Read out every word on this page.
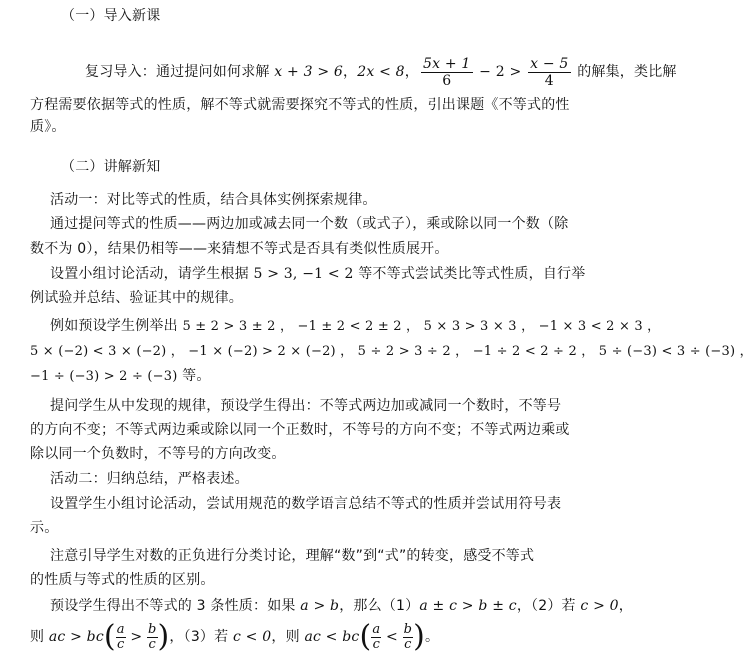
（一）导入新课
复习导入：通过提问如何求解 x + 3 > 6，2x < 8， $\frac{5x + 1}{6} - 2 > \frac{x - 5}{4}$ 的解集，类比解
方程需要依据等式的性质，解不等式就需要探究不等式的性质，引出课题《不等式的性
质》。
（二）讲解新知
活动一：对比等式的性质，结合具体实例探索规律。
通过提问等式的性质——两边加或减去同一个数（或式子），乘或除以同一个数（除
数不为 0），结果仍相等——来猜想不等式是否具有类似性质展开。
设置小组讨论活动，请学生根据 5 > 3, −1 < 2 等不等式尝试类比等式性质，自行举
例试验并总结、验证其中的规律。
例如预设学生例举出 5 ± 2 > 3 ± 2 ， −1 ± 2 < 2 ± 2 ， 5 × 3 > 3 × 3 ， −1 × 3 < 2 × 3 ，
5 × (−2) < 3 × (−2) ， −1 × (−2) > 2 × (−2) ， 5 ÷ 2 > 3 ÷ 2 ， −1 ÷ 2 < 2 ÷ 2 ， 5 ÷ (−3) < 3 ÷ (−3) ，
−1 ÷ (−3) > 2 ÷ (−3) 等。
提问学生从中发现的规律，预设学生得出：不等式两边加或减同一个数时，不等号
的方向不变；不等式两边乘或除以同一个正数时，不等号的方向不变；不等式两边乘或
除以同一个负数时，不等号的方向改变。
活动二：归纳总结，严格表述。
设置学生小组讨论活动，尝试用规范的数学语言总结不等式的性质并尝试用符号表
示。
注意引导学生对数的正负进行分类讨论，理解“数”到“式”的转变，感受不等式
的性质与等式的性质的区别。
预设学生得出不等式的 3 条性质：如果 a > b，那么（1）a ± c > b ± c，（2）若 c > 0，
则 ac > $bc( \frac{a}{c} > \frac{b}{c}$ )，（3）若 c < 0，则 ac < $bc( \frac{a}{c} < \frac{b}{c}$ )。
